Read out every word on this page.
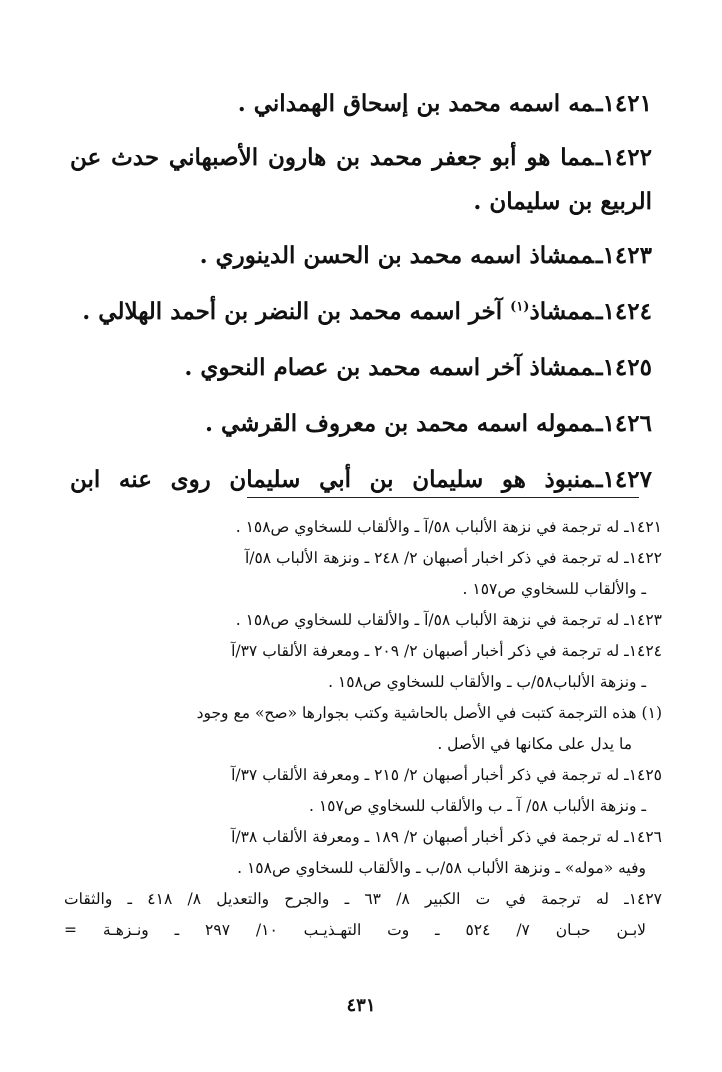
١٤٢١ـمه اسمه محمد بن إسحاق الهمداني .

١٤٢٢ـمما هو أبو جعفر محمد بن هارون الأصبهاني حدث عن الربيع بن سليمان .

١٤٢٣ـممشاذ اسمه محمد بن الحسن الدينوري .

١٤٢٤ـممشاذ$^{(١)}$ آخر اسمه محمد بن النضر بن أحمد الهلالي .

١٤٢٥ـممشاذ آخر اسمه محمد بن عصام النحوي .

١٤٢٦ـمموله اسمه محمد بن معروف القرشي .

١٤٢٧ـمنبوذ هو سليمان بن أبي سليمان روى عنه ابن

١٤٢١ـ له ترجمة في نزهة الألباب ٥٨/آ ـ والألقاب للسخاوي ص١٥٨ .

١٤٢٢ـ له ترجمة في ذكر اخبار أصبهان ٢/ ٢٤٨ ـ ونزهة الألباب ٥٨/آ
ـ والألقاب للسخاوي ص١٥٧ .

١٤٢٣ـ له ترجمة في نزهة الألباب ٥٨/آ ـ والألقاب للسخاوي ص١٥٨ .

١٤٢٤ـ له ترجمة في ذكر أخبار أصبهان ٢/ ٢٠٩ ـ ومعرفة الألقاب ٣٧/آ
ـ ونزهة الألباب٥٨/ب ـ والألقاب للسخاوي ص١٥٨ .

(١) هذه الترجمة كتبت في الأصل بالحاشية وكتب بجوارها «صح» مع وجود
ما يدل على مكانها في الأصل .

١٤٢٥ـ له ترجمة في ذكر أخبار أصبهان ٢/ ٢١٥ ـ ومعرفة الألقاب ٣٧/آ
ـ ونزهة الألباب ٥٨/ آ ـ ب والألقاب للسخاوي ص١٥٧ .

١٤٢٦ـ له ترجمة في ذكر أخبار أصبهان ٢/ ١٨٩ ـ ومعرفة الألقاب ٣٨/آ
وفيه «موله» ـ ونزهة الألباب ٥٨/ب ـ والألقاب للسخاوي ص١٥٨ .

١٤٢٧ـ له ترجمة في ت الكبير ٨/ ٦٣ ـ والجرح والتعديل ٨/ ٤١٨ ـ والثقات
لابـن حبـان ٧/ ٥٢٤ ـ وت التهـذيـب ١٠/ ٢٩٧ ـ ونـزهـة =

٤٣١
